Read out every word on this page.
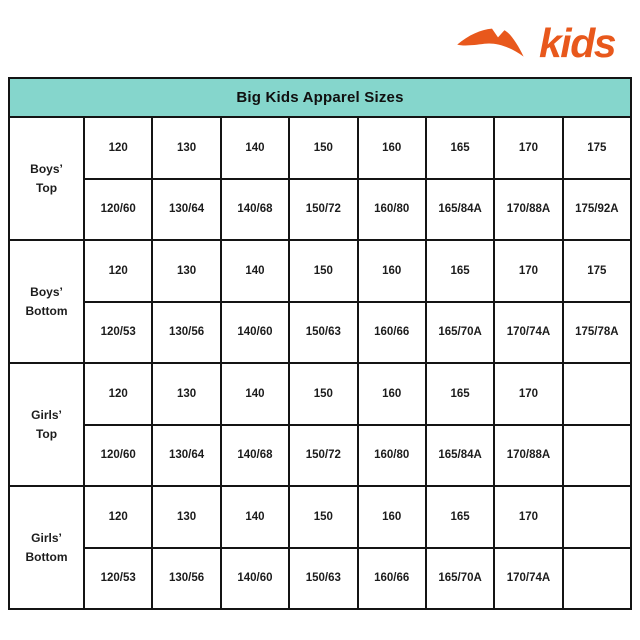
kids
Big Kids Apparel Sizes								
Boys’
Top	120	130	140	150	160	165	170	175
	120/60	130/64	140/68	150/72	160/80	165/84A	170/88A	175/92A
Boys’
Bottom	120	130	140	150	160	165	170	175
	120/53	130/56	140/60	150/63	160/66	165/70A	170/74A	175/78A
Girls’
Top	120	130	140	150	160	165	170	
	120/60	130/64	140/68	150/72	160/80	165/84A	170/88A	
Girls’
Bottom	120	130	140	150	160	165	170	
	120/53	130/56	140/60	150/63	160/66	165/70A	170/74A	
